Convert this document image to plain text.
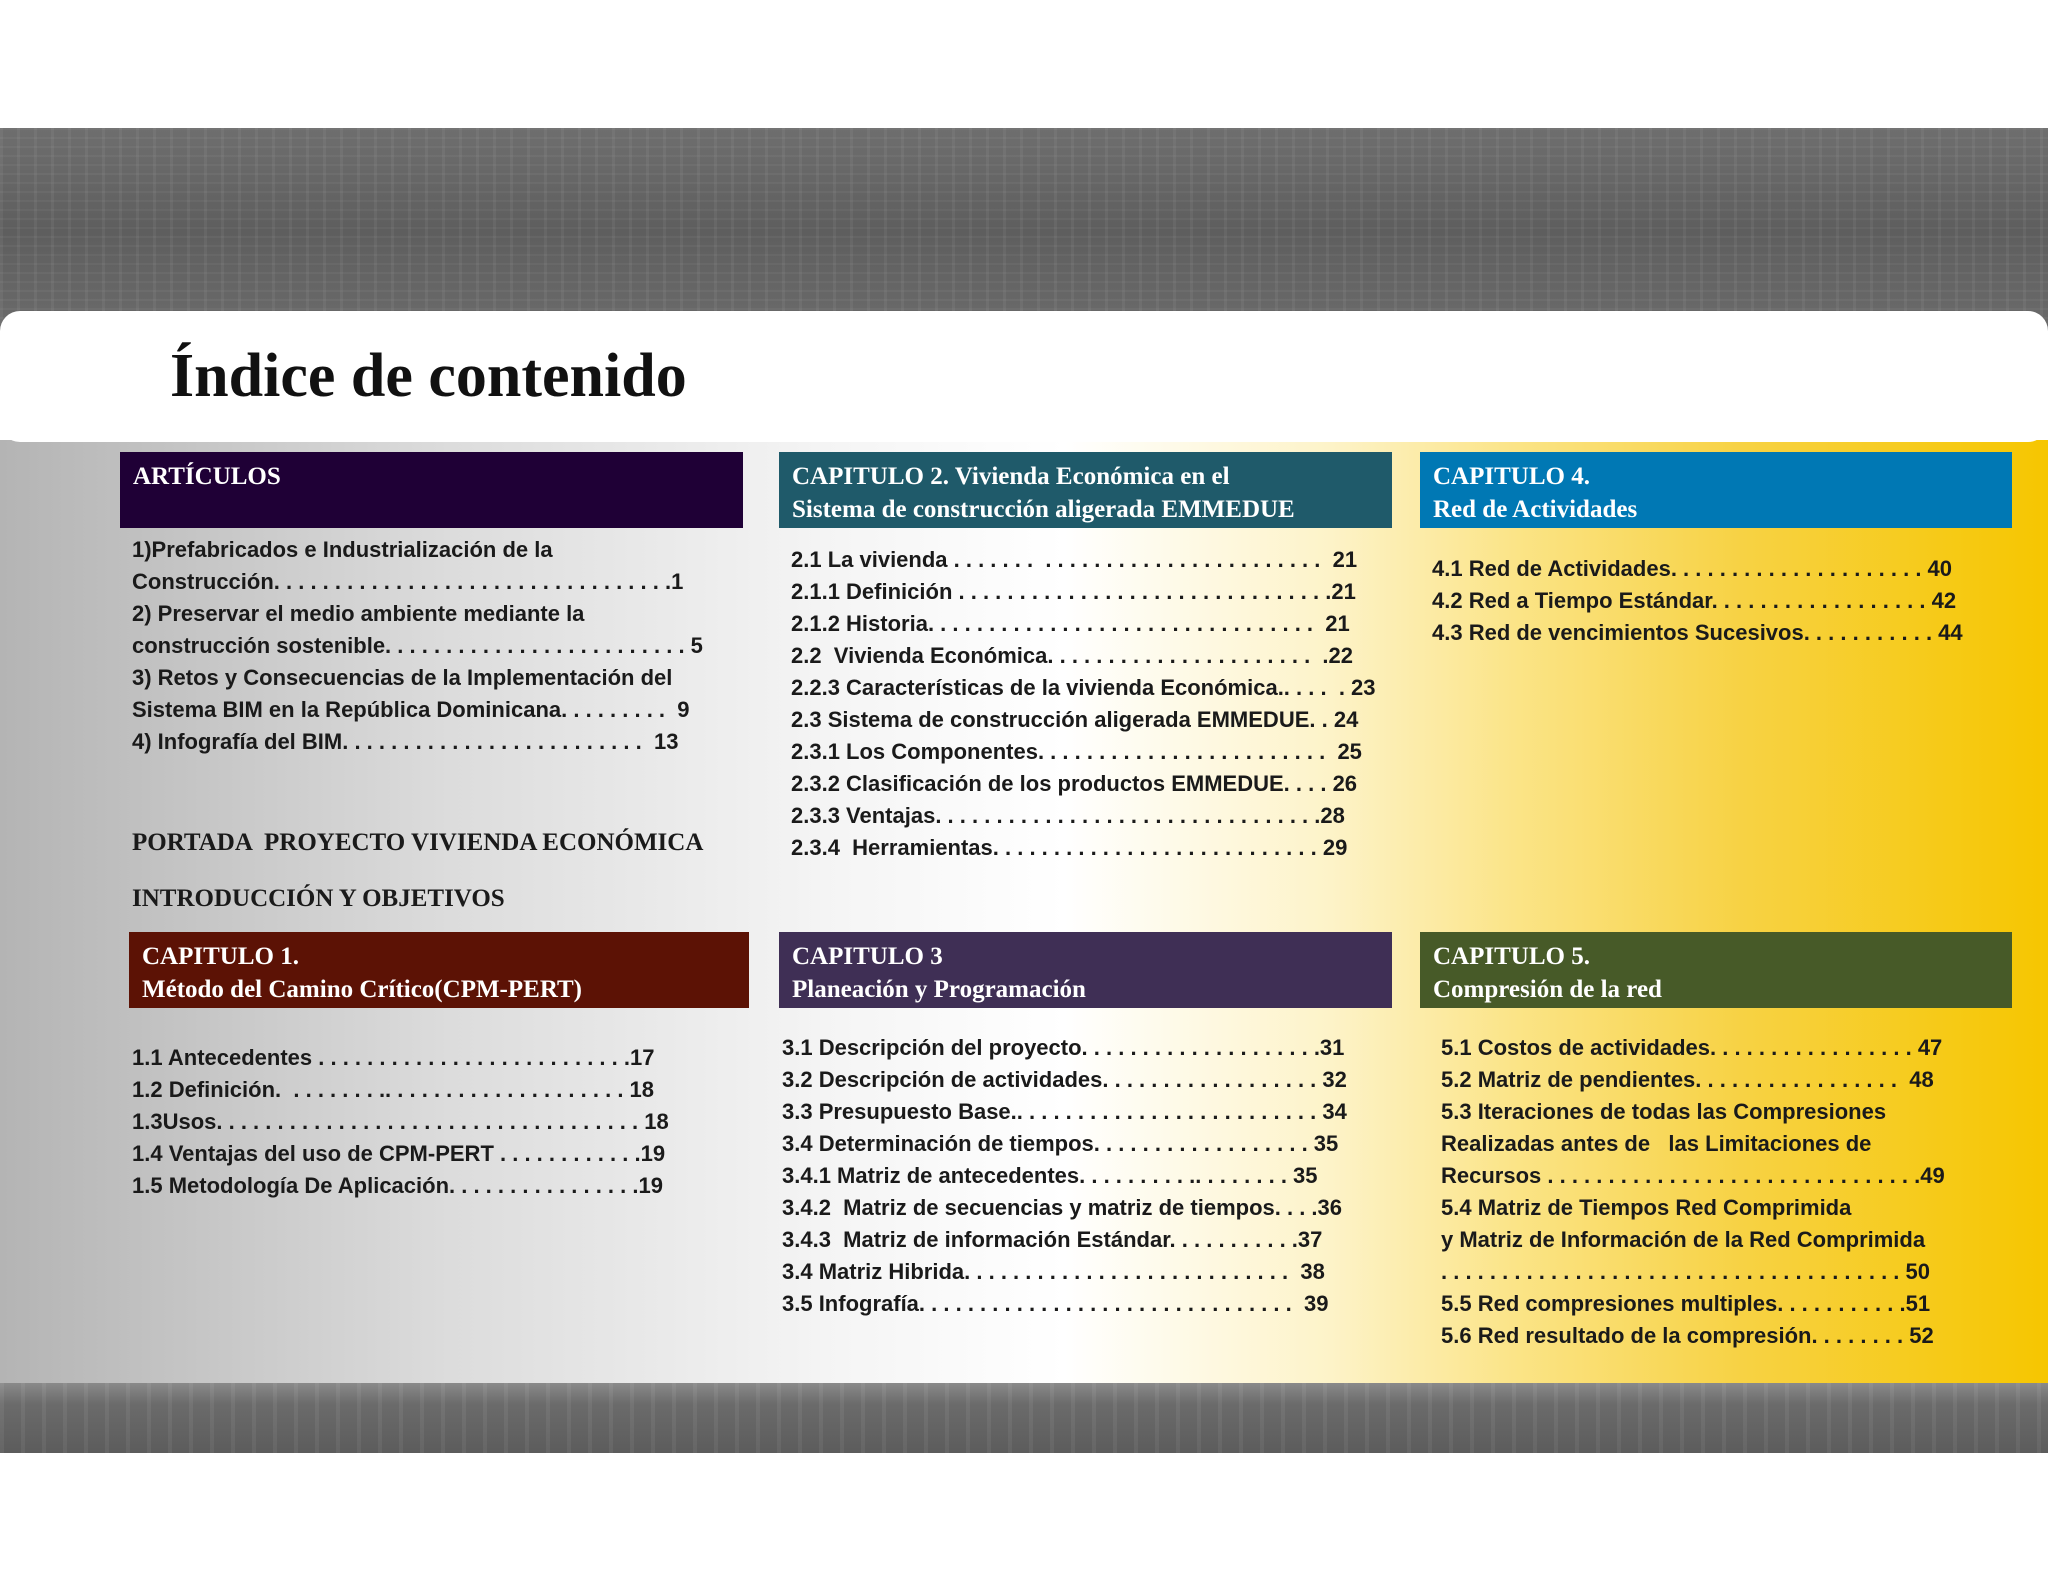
Índice de contenido
ARTÍCULOS
1)Prefabricados e Industrialización de la
Construcción. . . . . . . . . . . . . . . . . . . . . . . . . . . . . . . . .1
2) Preservar el medio ambiente mediante la
construcción sostenible. . . . . . . . . . . . . . . . . . . . . . . . . 5
3) Retos y Consecuencias de la Implementación del
Sistema BIM en la República Dominicana. . . . . . . . .  9
4) Infografía del BIM. . . . . . . . . . . . . . . . . . . . . . . . .  13

PORTADA  PROYECTO VIVIENDA ECONÓMICA

INTRODUCCIÓN Y OBJETIVOS

CAPITULO 1.
Método del Camino Crítico(CPM-PERT)
1.1 Antecedentes . . . . . . . . . . . . . . . . . . . . . . . . . .17
1.2 Definición.  . . . . . . . .. . . . . . . . . . . . . . . . . . . . 18
1.3Usos. . . . . . . . . . . . . . . . . . . . . . . . . . . . . . . . . . . 18
1.4 Ventajas del uso de CPM-PERT . . . . . . . . . . . .19
1.5 Metodología De Aplicación. . . . . . . . . . . . . . . .19
CAPITULO 2. Vivienda Económica en el
Sistema de construcción aligerada EMMEDUE
2.1 La vivienda . . . . . . .  . . . . . . . . . . . . . . . . . . . . . . .  21
2.1.1 Definición . . . . . . . . . . . . . . . . . . . . . . . . . . . . . . .21
2.1.2 Historia. . . . . . . . . . . . . . . . . . . . . . . . . . . . . . . .  21
2.2  Vivienda Económica. . . . . . . . . . . . . . . . . . . . . .  .22
2.2.3 Características de la vivienda Económica.. . . .  . 23
2.3 Sistema de construcción aligerada EMMEDUE. . 24
2.3.1 Los Componentes. . . . . . . . . . . . . . . . . . . . . . . .  25
2.3.2 Clasificación de los productos EMMEDUE. . . . 26
2.3.3 Ventajas. . . . . . . . . . . . . . . . . . . . . . . . . . . . . . . .28
2.3.4  Herramientas. . . . . . . . . . . . . . . . . . . . . . . . . . . 29
CAPITULO 3
Planeación y Programación
3.1 Descripción del proyecto. . . . . . . . . . . . . . . . . . . .31
3.2 Descripción de actividades. . . . . . . . . . . . . . . . . . 32
3.3 Presupuesto Base.. . . . . . . . . . . . . . . . . . . . . . . . . 34
3.4 Determinación de tiempos. . . . . . . . . . . . . . . . . . 35
3.4.1 Matriz de antecedentes. . . . . . . . . .. . . . . . . . 35
3.4.2  Matriz de secuencias y matriz de tiempos. . . .36
3.4.3  Matriz de información Estándar. . . . . . . . . . .37
3.4 Matriz Hibrida. . . . . . . . . . . . . . . . . . . . . . . . . . .  38
3.5 Infografía. . . . . . . . . . . . . . . . . . . . . . . . . . . . . . .  39
CAPITULO 4.
Red de Actividades
4.1 Red de Actividades. . . . . . . . . . . . . . . . . . . . . 40
4.2 Red a Tiempo Estándar. . . . . . . . . . . . . . . . . . 42
4.3 Red de vencimientos Sucesivos. . . . . . . . . . . 44
CAPITULO 5.
Compresión de la red
5.1 Costos de actividades. . . . . . . . . . . . . . . . . 47
5.2 Matriz de pendientes. . . . . . . . . . . . . . . . .  48
5.3 Iteraciones de todas las Compresiones
Realizadas antes de   las Limitaciones de
Recursos . . . . . . . . . . . . . . . . . . . . . . . . . . . . . . .49
5.4 Matriz de Tiempos Red Comprimida
y Matriz de Información de la Red Comprimida
. . . . . . . . . . . . . . . . . . . . . . . . . . . . . . . . . . . . . . 50
5.5 Red compresiones multiples. . . . . . . . . . .51
5.6 Red resultado de la compresión. . . . . . . . 52
